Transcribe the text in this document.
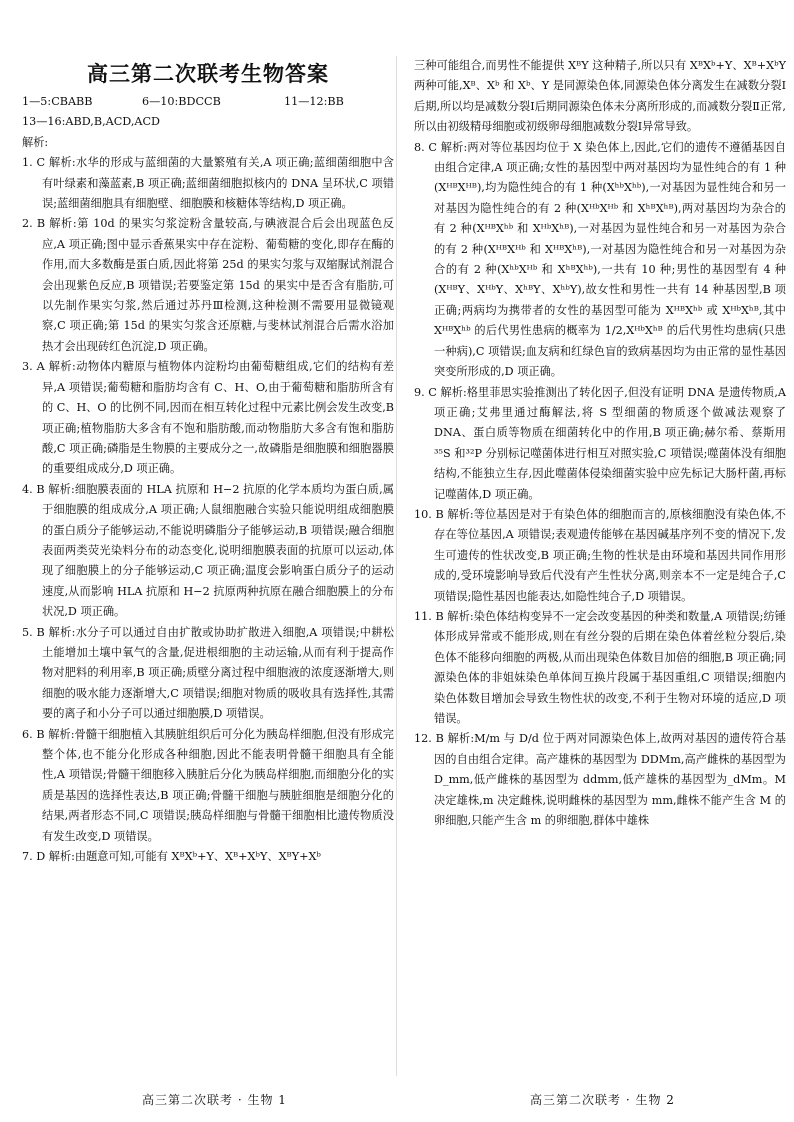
高三第二次联考生物答案
1—5:CBABB	6—10:BDCCB	11—12:BB
13—16:ABD,B,ACD,ACD

解析:

1. C 解析:水华的形成与蓝细菌的大量繁殖有关,A 项正确;蓝细菌细胞中含有叶绿素和藻蓝素,B 项正确;蓝细菌细胞拟核内的 DNA 呈环状,C 项错误;蓝细菌细胞具有细胞壁、细胞膜和核糖体等结构,D 项正确。

2. B 解析:第 10d 的果实匀浆淀粉含量较高,与碘液混合后会出现蓝色反应,A 项正确;图中显示香蕉果实中存在淀粉、葡萄糖的变化,即存在酶的作用,而大多数酶是蛋白质,因此将第 25d 的果实匀浆与双缩脲试剂混合会出现紫色反应,B 项错误;若要鉴定第 15d 的果实中是否含有脂肪,可以先制作果实匀浆,然后通过苏丹Ⅲ检测,这种检测不需要用显微镜观察,C 项正确;第 15d 的果实匀浆含还原糖,与斐林试剂混合后需水浴加热才会出现砖红色沉淀,D 项正确。

3. A 解析:动物体内糖原与植物体内淀粉均由葡萄糖组成,它们的结构有差异,A 项错误;葡萄糖和脂肪均含有 C、H、O,由于葡萄糖和脂肪所含有的 C、H、O 的比例不同,因而在相互转化过程中元素比例会发生改变,B 项正确;植物脂肪大多含有不饱和脂肪酸,而动物脂肪大多含有饱和脂肪酸,C 项正确;磷脂是生物膜的主要成分之一,故磷脂是细胞膜和细胞器膜的重要组成成分,D 项正确。

4. B 解析:细胞膜表面的 HLA 抗原和 H−2 抗原的化学本质均为蛋白质,属于细胞膜的组成成分,A 项正确;人鼠细胞融合实验只能说明组成细胞膜的蛋白质分子能够运动,不能说明磷脂分子能够运动,B 项错误;融合细胞表面两类荧光染料分布的动态变化,说明细胞膜表面的抗原可以运动,体现了细胞膜上的分子能够运动,C 项正确;温度会影响蛋白质分子的运动速度,从而影响 HLA 抗原和 H−2 抗原两种抗原在融合细胞膜上的分布状况,D 项正确。

5. B 解析:水分子可以通过自由扩散或协助扩散进入细胞,A 项错误;中耕松土能增加土壤中氧气的含量,促进根细胞的主动运输,从而有利于提高作物对肥料的利用率,B 项正确;质壁分离过程中细胞液的浓度逐渐增大,则细胞的吸水能力逐渐增大,C 项错误;细胞对物质的吸收具有选择性,其需要的离子和小分子可以通过细胞膜,D 项错误。

6. B 解析:骨髓干细胞植入其胰脏组织后可分化为胰岛样细胞,但没有形成完整个体,也不能分化形成各种细胞,因此不能表明骨髓干细胞具有全能性,A 项错误;骨髓干细胞移入胰脏后分化为胰岛样细胞,而细胞分化的实质是基因的选择性表达,B 项正确;骨髓干细胞与胰脏细胞是细胞分化的结果,两者形态不同,C 项错误;胰岛样细胞与骨髓干细胞相比遗传物质没有发生改变,D 项错误。

7. D 解析:由题意可知,可能有 XᴮXᵇ+Y、Xᴮ+XᵇY、XᴮY+Xᵇ

三种可能组合,而男性不能提供 XᴮY 这种精子,所以只有 XᴮXᵇ+Y、Xᴮ+XᵇY 两种可能,Xᴮ、Xᵇ 和 Xᵇ、Y 是同源染色体,同源染色体分离发生在减数分裂Ⅰ后期,所以均是减数分裂Ⅰ后期同源染色体未分离所形成的,而减数分裂Ⅱ正常,所以由初级精母细胞或初级卵母细胞减数分裂Ⅰ异常导致。

8. C 解析:两对等位基因均位于 X 染色体上,因此,它们的遗传不遵循基因自由组合定律,A 项正确;女性的基因型中两对基因均为显性纯合的有 1 种(XᴴᴮXᴴᴮ),均为隐性纯合的有 1 种(XʰᵇXʰᵇ),一对基因为显性纯合和另一对基因为隐性纯合的有 2 种(XᴴᵇXᴴᵇ 和 XʰᴮXʰᴮ),两对基因均为杂合的有 2 种(XᴴᴮXʰᵇ 和 XᴴᵇXʰᴮ),一对基因为显性纯合和另一对基因为杂合的有 2 种(XᴴᴮXᴴᵇ 和 XᴴᴮXʰᴮ),一对基因为隐性纯合和另一对基因为杂合的有 2 种(XʰᵇXᴴᵇ 和 XʰᴮXʰᵇ),一共有 10 种;男性的基因型有 4 种(XᴴᴮY、XᴴᵇY、XʰᴮY、XʰᵇY),故女性和男性一共有 14 种基因型,B 项正确;两病均为携带者的女性的基因型可能为 XᴴᴮXʰᵇ 或 XᴴᵇXʰᴮ,其中 XᴴᴮXʰᵇ 的后代男性患病的概率为 1/2,XᴴᵇXʰᴮ 的后代男性均患病(只患一种病),C 项错误;血友病和红绿色盲的致病基因均为由正常的显性基因突变所形成的,D 项正确。

9. C 解析:格里菲思实验推测出了转化因子,但没有证明 DNA 是遗传物质,A 项正确;艾弗里通过酶解法,将 S 型细菌的物质逐个做减法观察了 DNA、蛋白质等物质在细菌转化中的作用,B 项正确;赫尔希、蔡斯用³⁵S 和³²P 分别标记噬菌体进行相互对照实验,C 项错误;噬菌体没有细胞结构,不能独立生存,因此噬菌体侵染细菌实验中应先标记大肠杆菌,再标记噬菌体,D 项正确。

10. B 解析:等位基因是对于有染色体的细胞而言的,原核细胞没有染色体,不存在等位基因,A 项错误;表观遗传能够在基因碱基序列不变的情况下,发生可遗传的性状改变,B 项正确;生物的性状是由环境和基因共同作用形成的,受环境影响导致后代没有产生性状分离,则亲本不一定是纯合子,C 项错误;隐性基因也能表达,如隐性纯合子,D 项错误。

11. B 解析:染色体结构变异不一定会改变基因的种类和数量,A 项错误;纺锤体形成异常或不能形成,则在有丝分裂的后期在染色体着丝粒分裂后,染色体不能移向细胞的两极,从而出现染色体数目加倍的细胞,B 项正确;同源染色体的非姐妹染色单体间互换片段属于基因重组,C 项错误;细胞内染色体数目增加会导致生物性状的改变,不利于生物对环境的适应,D 项错误。

12. B 解析:M/m 与 D/d 位于两对同源染色体上,故两对基因的遗传符合基因的自由组合定律。高产雄株的基因型为 DDMm,高产雌株的基因型为 D_mm,低产雌株的基因型为 ddmm,低产雄株的基因型为_dMm。M 决定雄株,m 决定雌株,说明雌株的基因型为 mm,雌株不能产生含 M 的卵细胞,只能产生含 m 的卵细胞,群体中雄株

高三第二次联考 · 生物 1	高三第二次联考 · 生物 2
